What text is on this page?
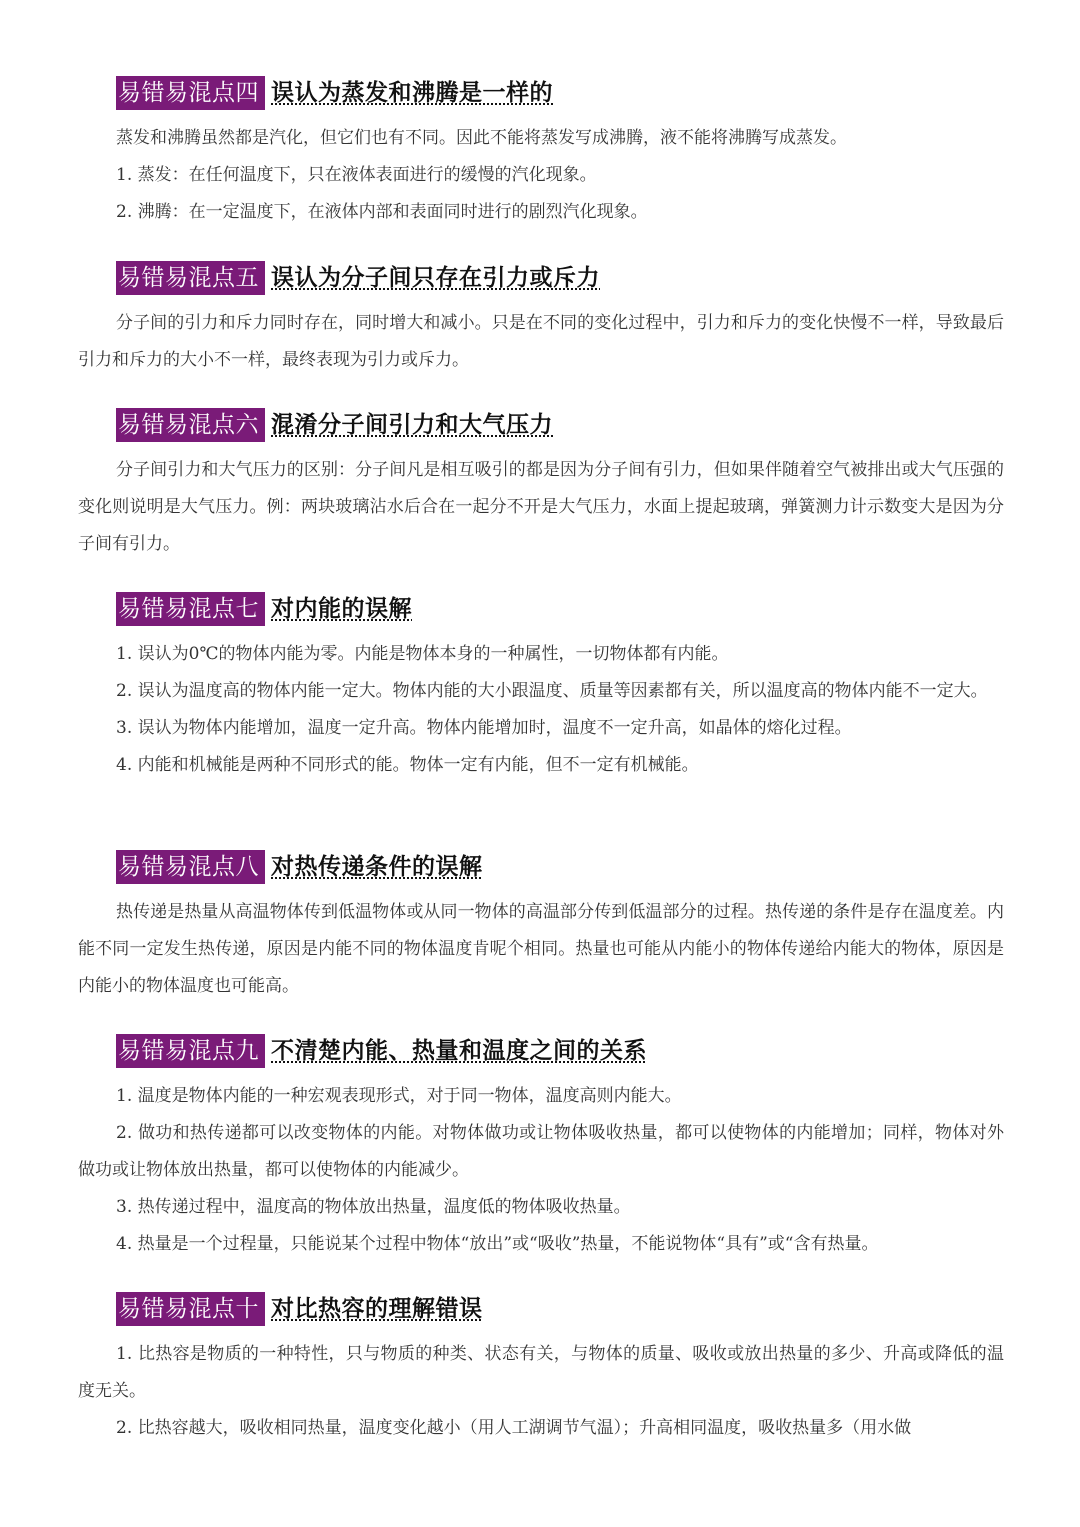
易错易混点四 误认为蒸发和沸腾是一样的

蒸发和沸腾虽然都是汽化，但它们也有不同。因此不能将蒸发写成沸腾，液不能将沸腾写成蒸发。

1. 蒸发：在任何温度下，只在液体表面进行的缓慢的汽化现象。

2. 沸腾：在一定温度下，在液体内部和表面同时进行的剧烈汽化现象。

易错易混点五 误认为分子间只存在引力或斥力

分子间的引力和斥力同时存在，同时增大和减小。只是在不同的变化过程中，引力和斥力的变化快慢不一样，导致最后引力和斥力的大小不一样，最终表现为引力或斥力。

易错易混点六 混淆分子间引力和大气压力

分子间引力和大气压力的区别：分子间凡是相互吸引的都是因为分子间有引力，但如果伴随着空气被排出或大气压强的变化则说明是大气压力。例：两块玻璃沾水后合在一起分不开是大气压力，水面上提起玻璃，弹簧测力计示数变大是因为分子间有引力。

易错易混点七 对内能的误解

1. 误认为0℃的物体内能为零。内能是物体本身的一种属性，一切物体都有内能。

2. 误认为温度高的物体内能一定大。物体内能的大小跟温度、质量等因素都有关，所以温度高的物体内能不一定大。

3. 误认为物体内能增加，温度一定升高。物体内能增加时，温度不一定升高，如晶体的熔化过程。

4. 内能和机械能是两种不同形式的能。物体一定有内能，但不一定有机械能。

易错易混点八 对热传递条件的误解

热传递是热量从高温物体传到低温物体或从同一物体的高温部分传到低温部分的过程。热传递的条件是存在温度差。内能不同一定发生热传递，原因是内能不同的物体温度肯呢个相同。热量也可能从内能小的物体传递给内能大的物体，原因是内能小的物体温度也可能高。

易错易混点九 不清楚内能、热量和温度之间的关系

1. 温度是物体内能的一种宏观表现形式，对于同一物体，温度高则内能大。

2. 做功和热传递都可以改变物体的内能。对物体做功或让物体吸收热量，都可以使物体的内能增加；同样，物体对外做功或让物体放出热量，都可以使物体的内能减少。

3. 热传递过程中，温度高的物体放出热量，温度低的物体吸收热量。

4. 热量是一个过程量，只能说某个过程中物体“放出”或“吸收”热量，不能说物体“具有”或“含有热量。

易错易混点十 对比热容的理解错误

1. 比热容是物质的一种特性，只与物质的种类、状态有关，与物体的质量、吸收或放出热量的多少、升高或降低的温度无关。

2. 比热容越大，吸收相同热量，温度变化越小（用人工湖调节气温）；升高相同温度，吸收热量多（用水做
